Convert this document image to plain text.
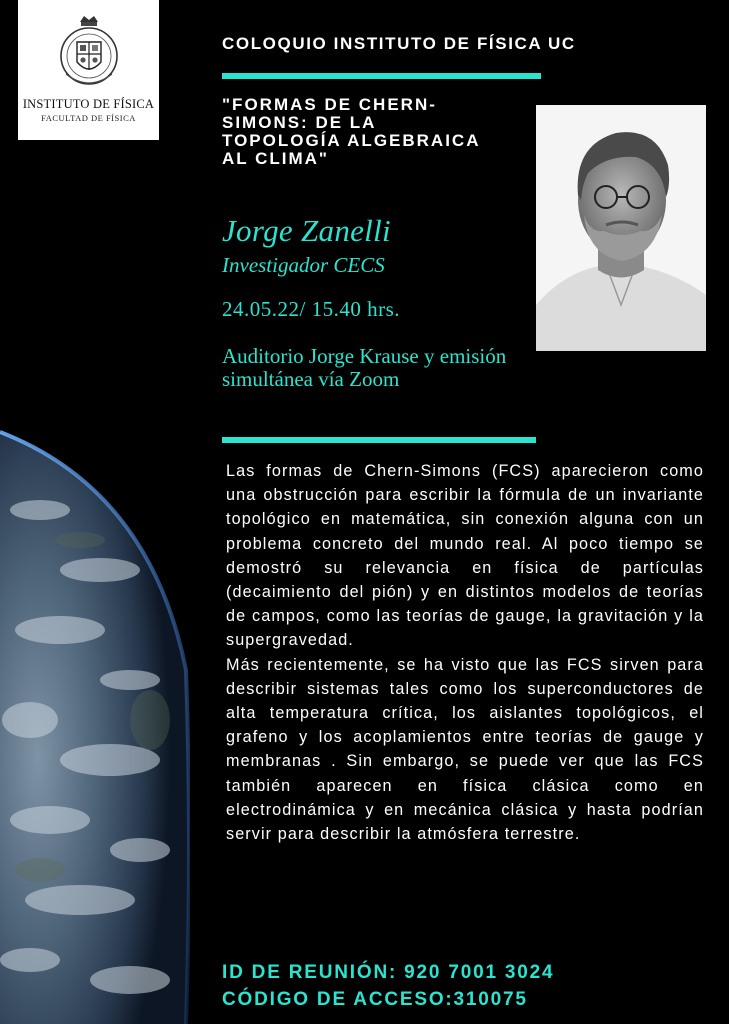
INSTITUTO DE FÍSICA
FACULTAD DE FÍSICA
COLOQUIO INSTITUTO DE FÍSICA UC
"FORMAS DE CHERN-
SIMONS: DE LA
TOPOLOGÍA ALGEBRAICA
AL CLIMA"
Jorge Zanelli
Investigador CECS
24.05.22/ 15.40 hrs.
Auditorio Jorge Krause y emisión simultánea vía Zoom

Las formas de Chern-Simons (FCS) aparecieron como una obstrucción para escribir la fórmula de un invariante topológico en matemática, sin conexión alguna con un problema concreto del mundo real. Al poco tiempo se demostró su relevancia en física de partículas (decaimiento del pión) y en distintos modelos de teorías de campos, como las teorías de gauge, la gravitación y la supergravedad.

Más recientemente, se ha visto que las FCS sirven para describir sistemas tales como los superconductores de alta temperatura crítica, los aislantes topológicos, el grafeno y los acoplamientos entre teorías de gauge y membranas . Sin embargo, se puede ver que las FCS también aparecen en física clásica como en electrodinámica y en mecánica clásica y hasta podrían servir para describir la atmósfera terrestre.

ID DE REUNIÓN: 920 7001 3024
CÓDIGO DE ACCESO:310075
